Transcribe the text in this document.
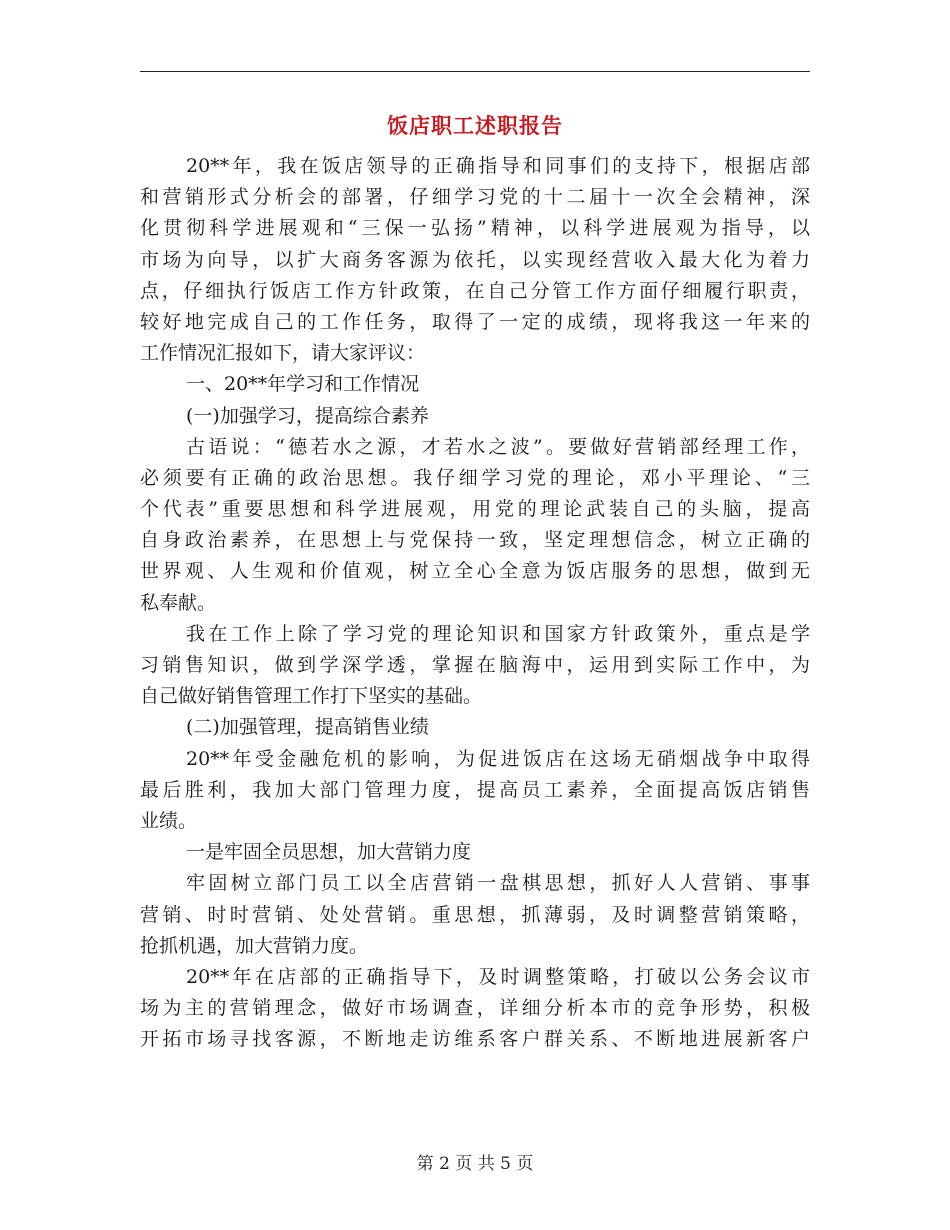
饭店职工述职报告
20**年，我在饭店领导的正确指导和同事们的支持下，根据店部
和营销形式分析会的部署，仔细学习党的十二届十一次全会精神，深
化贯彻科学进展观和“三保一弘扬”精神，以科学进展观为指导，以
市场为向导，以扩大商务客源为依托，以实现经营收入最大化为着力
点，仔细执行饭店工作方针政策，在自己分管工作方面仔细履行职责，
较好地完成自己的工作任务，取得了一定的成绩，现将我这一年来的
工作情况汇报如下，请大家评议：
一、20**年学习和工作情况
(一)加强学习，提高综合素养
古语说：“德若水之源，才若水之波”。要做好营销部经理工作，
必须要有正确的政治思想。我仔细学习党的理论，邓小平理论、“三
个代表”重要思想和科学进展观，用党的理论武装自己的头脑，提高
自身政治素养，在思想上与党保持一致，坚定理想信念，树立正确的
世界观、人生观和价值观，树立全心全意为饭店服务的思想，做到无
私奉献。
我在工作上除了学习党的理论知识和国家方针政策外，重点是学
习销售知识，做到学深学透，掌握在脑海中，运用到实际工作中，为
自己做好销售管理工作打下坚实的基础。
(二)加强管理，提高销售业绩
20**年受金融危机的影响，为促进饭店在这场无硝烟战争中取得
最后胜利，我加大部门管理力度，提高员工素养，全面提高饭店销售
业绩。
一是牢固全员思想，加大营销力度
牢固树立部门员工以全店营销一盘棋思想，抓好人人营销、事事
营销、时时营销、处处营销。重思想，抓薄弱，及时调整营销策略，
抢抓机遇，加大营销力度。
20**年在店部的正确指导下，及时调整策略，打破以公务会议市
场为主的营销理念，做好市场调查，详细分析本市的竞争形势，积极
开拓市场寻找客源，不断地走访维系客户群关系、不断地进展新客户
第 2 页 共 5 页
